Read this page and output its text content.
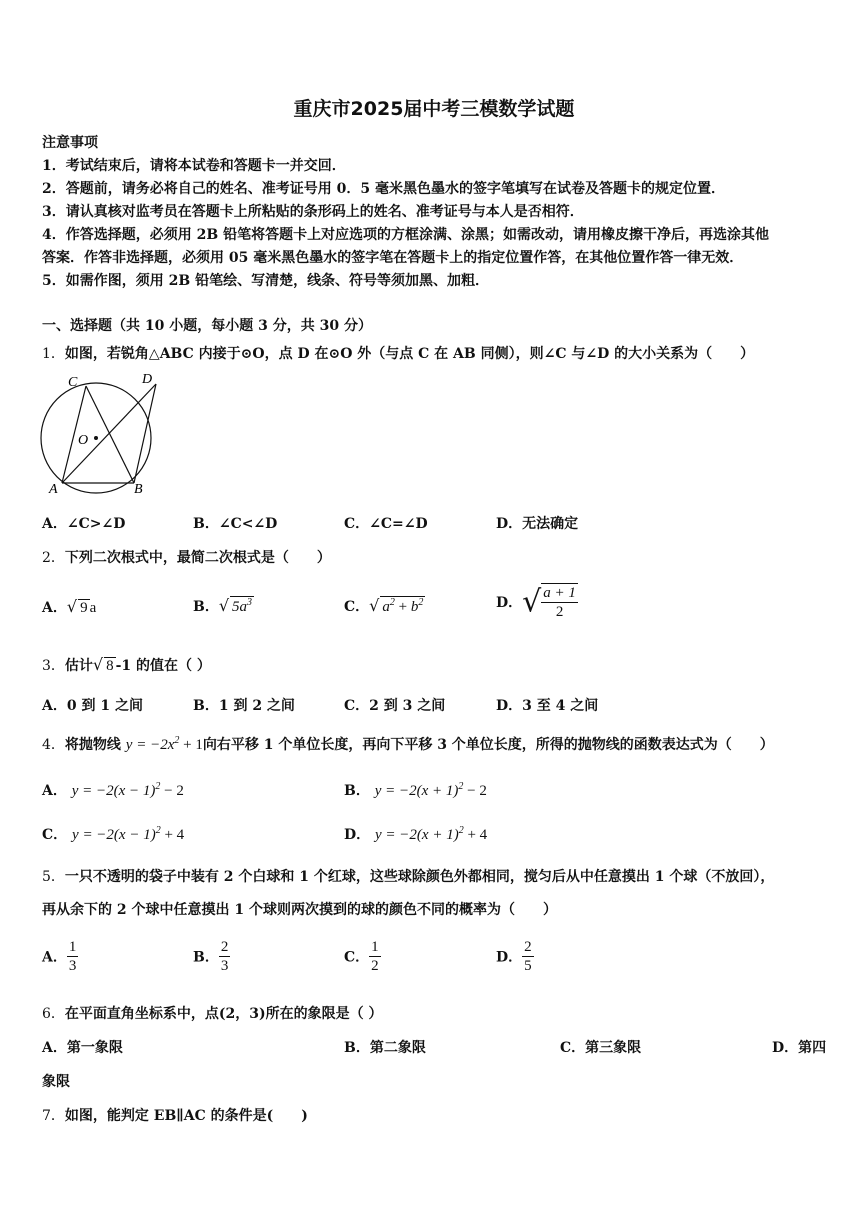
重庆市2025届中考三模数学试题
注意事项
1．考试结束后，请将本试卷和答题卡一并交回．
2．答题前，请务必将自己的姓名、准考证号用 0．5 毫米黑色墨水的签字笔填写在试卷及答题卡的规定位置．
3．请认真核对监考员在答题卡上所粘贴的条形码上的姓名、准考证号与本人是否相符．
4．作答选择题，必须用 2B 铅笔将答题卡上对应选项的方框涂满、涂黑；如需改动，请用橡皮擦干净后，再选涂其他
答案．作答非选择题，必须用 05 毫米黑色墨水的签字笔在答题卡上的指定位置作答，在其他位置作答一律无效．
5．如需作图，须用 2B 铅笔绘、写清楚，线条、符号等须加黑、加粗．
一、选择题（共 10 小题，每小题 3 分，共 30 分）
1．如图，若锐角△ABC 内接于⊙O，点 D 在⊙O 外（与点 C 在 AB 同侧），则∠C 与∠D 的大小关系为（　　）
C	D
O
A	B
A．∠C>∠D	B．∠C<∠D	C．∠C=∠D	D．无法确定
2．下列二次根式中，最简二次根式是（　　）
A．√ 9 a	B．√ $5a^3$	C．√ $a^2 + b^2$	D．√ $\frac{a + 1}{2}$
3．估计√ 8 -1 的值在（ ）
A．0 到 1 之间	B．1 到 2 之间	C．2 到 3 之间	D．3 至 4 之间
4．将抛物线 $y = -2x^2 + 1$向右平移 1 个单位长度，再向下平移 3 个单位长度，所得的抛物线的函数表达式为（　　）
A． $y = -2(x - 1)^2 - 2$	B． $y = -2(x + 1)^2 - 2$
C． $y = -2(x - 1)^2 + 4$	D． $y = -2(x + 1)^2 + 4$
5．一只不透明的袋子中装有 2 个白球和 1 个红球，这些球除颜色外都相同，搅匀后从中任意摸出 1 个球（不放回），
再从余下的 2 个球中任意摸出 1 个球则两次摸到的球的颜色不同的概率为（　　）
A． $\frac{1}{3}$	B． $\frac{2}{3}$	C． $\frac{1}{2}$	D． $\frac{2}{5}$
6．在平面直角坐标系中，点(2，3)所在的象限是（ ）
A．第一象限	B．第二象限	C．第三象限	D．第四
象限
7．如图，能判定 EB∥AC 的条件是(　　)
